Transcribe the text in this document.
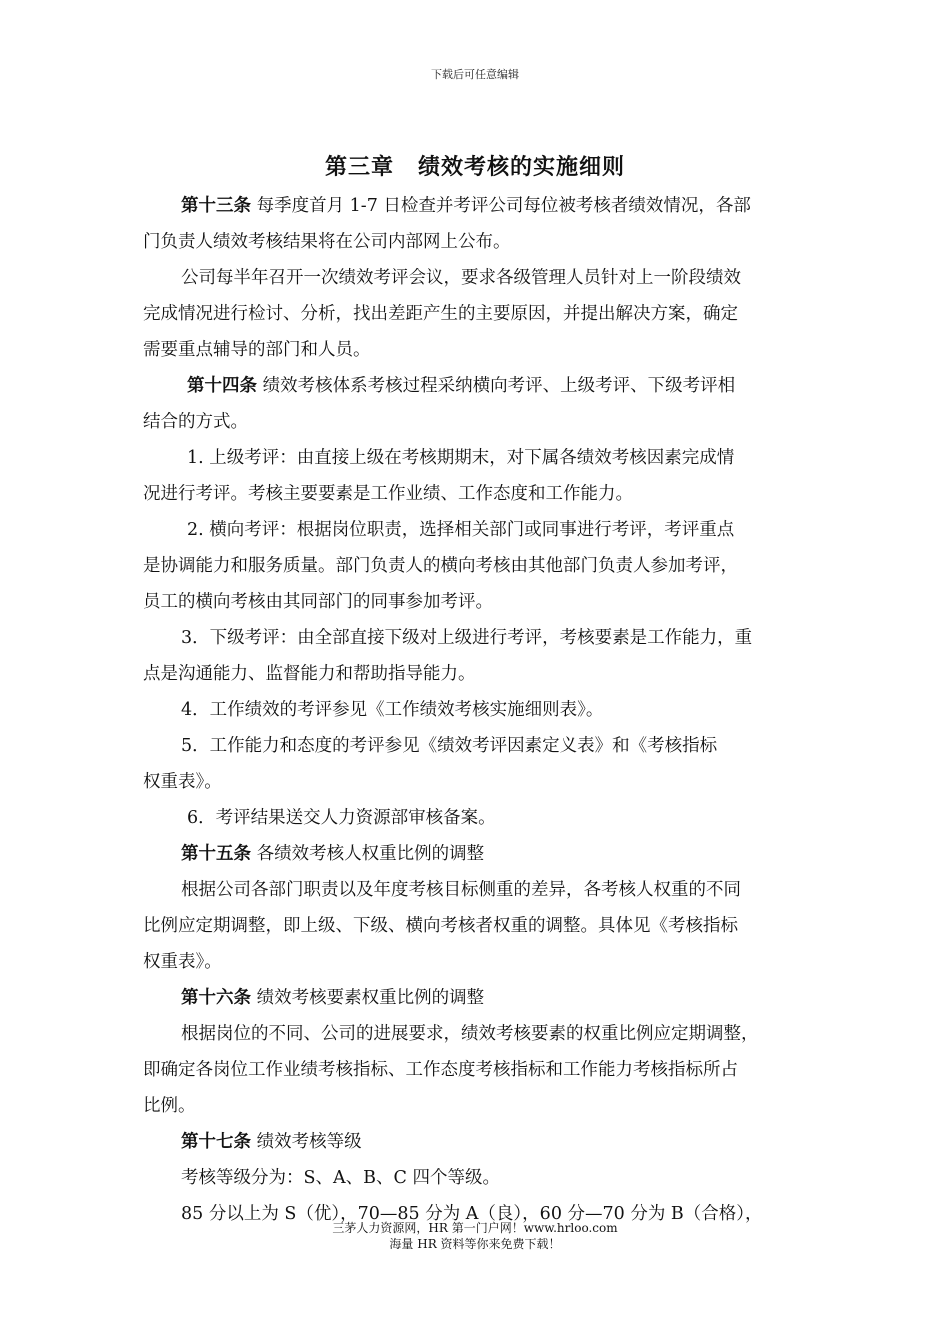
下载后可任意编辑
第三章 绩效考核的实施细则
第十三条 每季度首月 1-7 日检查并考评公司每位被考核者绩效情况，各部
门负责人绩效考核结果将在公司内部网上公布。
公司每半年召开一次绩效考评会议，要求各级管理人员针对上一阶段绩效
完成情况进行检讨、分析，找出差距产生的主要原因，并提出解决方案，确定
需要重点辅导的部门和人员。
第十四条 绩效考核体系考核过程采纳横向考评、上级考评、下级考评相
结合的方式。
1. 上级考评：由直接上级在考核期期末，对下属各绩效考核因素完成情
况进行考评。考核主要要素是工作业绩、工作态度和工作能力。
2. 横向考评：根据岗位职责，选择相关部门或同事进行考评，考评重点
是协调能力和服务质量。部门负责人的横向考核由其他部门负责人参加考评，
员工的横向考核由其同部门的同事参加考评。
3．下级考评：由全部直接下级对上级进行考评，考核要素是工作能力，重
点是沟通能力、监督能力和帮助指导能力。
4．工作绩效的考评参见《工作绩效考核实施细则表》。
5．工作能力和态度的考评参见《绩效考评因素定义表》和《考核指标
权重表》。
6．考评结果送交人力资源部审核备案。
第十五条 各绩效考核人权重比例的调整
根据公司各部门职责以及年度考核目标侧重的差异，各考核人权重的不同
比例应定期调整，即上级、下级、横向考核者权重的调整。具体见《考核指标
权重表》。
第十六条 绩效考核要素权重比例的调整
根据岗位的不同、公司的进展要求，绩效考核要素的权重比例应定期调整，
即确定各岗位工作业绩考核指标、工作态度考核指标和工作能力考核指标所占
比例。
第十七条 绩效考核等级
考核等级分为：S、A、B、C 四个等级。
85 分以上为 S（优），70—85 分为 A（良），60 分—70 分为 B（合格），
三茅人力资源网，HR 第一门户网！www.hrloo.com
海量 HR 资料等你来免费下载！
